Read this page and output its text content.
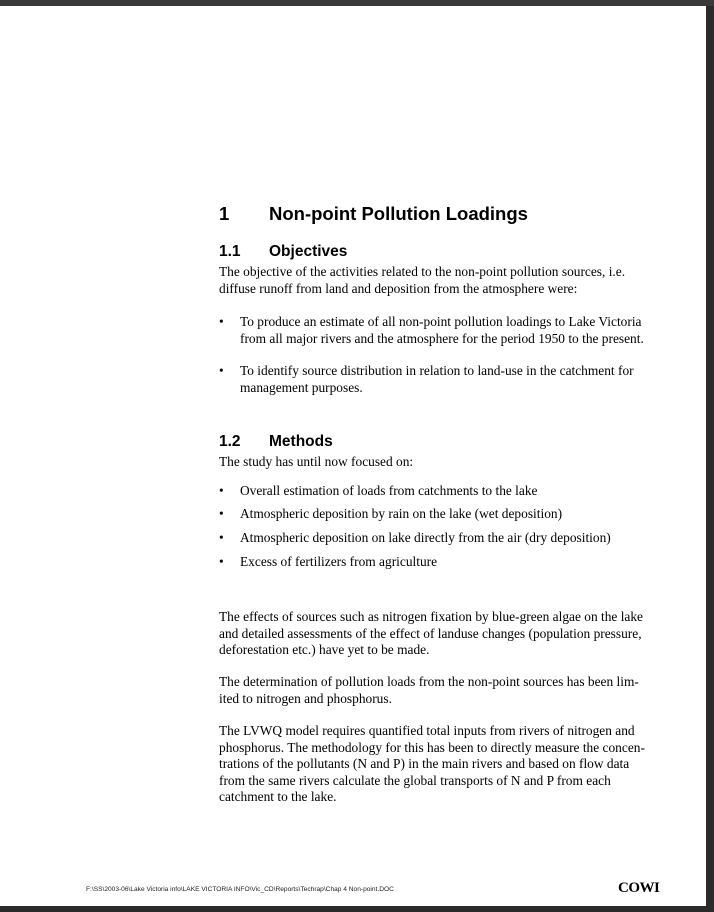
1 Non-point Pollution Loadings
1.1 Objectives

The objective of the activities related to the non-point pollution sources, i.e.
diffuse runoff from land and deposition from the atmosphere were:

•	To produce an estimate of all non-point pollution loadings to Lake Victoria
from all major rivers and the atmosphere for the period 1950 to the present.
•	To identify source distribution in relation to land-use in the catchment for
management purposes.
1.2 Methods

The study has until now focused on:

•	Overall estimation of loads from catchments to the lake
•	Atmospheric deposition by rain on the lake (wet deposition)
•	Atmospheric deposition on lake directly from the air (dry deposition)
•	Excess of fertilizers from agriculture

The effects of sources such as nitrogen fixation by blue-green algae on the lake
and detailed assessments of the effect of landuse changes (population pressure,
deforestation etc.) have yet to be made.

The determination of pollution loads from the non-point sources has been lim-
ited to nitrogen and phosphorus.

The LVWQ model requires quantified total inputs from rivers of nitrogen and
phosphorus. The methodology for this has been to directly measure the concen-
trations of the pollutants (N and P) in the main rivers and based on flow data
from the same rivers calculate the global transports of N and P from each
catchment to the lake.

F:\SS\2003-06\Lake Victoria info\LAKE VICTORIA INFO\Vic_CD\Reports\Techrap\Chap 4 Non-point.DOC	COWI
